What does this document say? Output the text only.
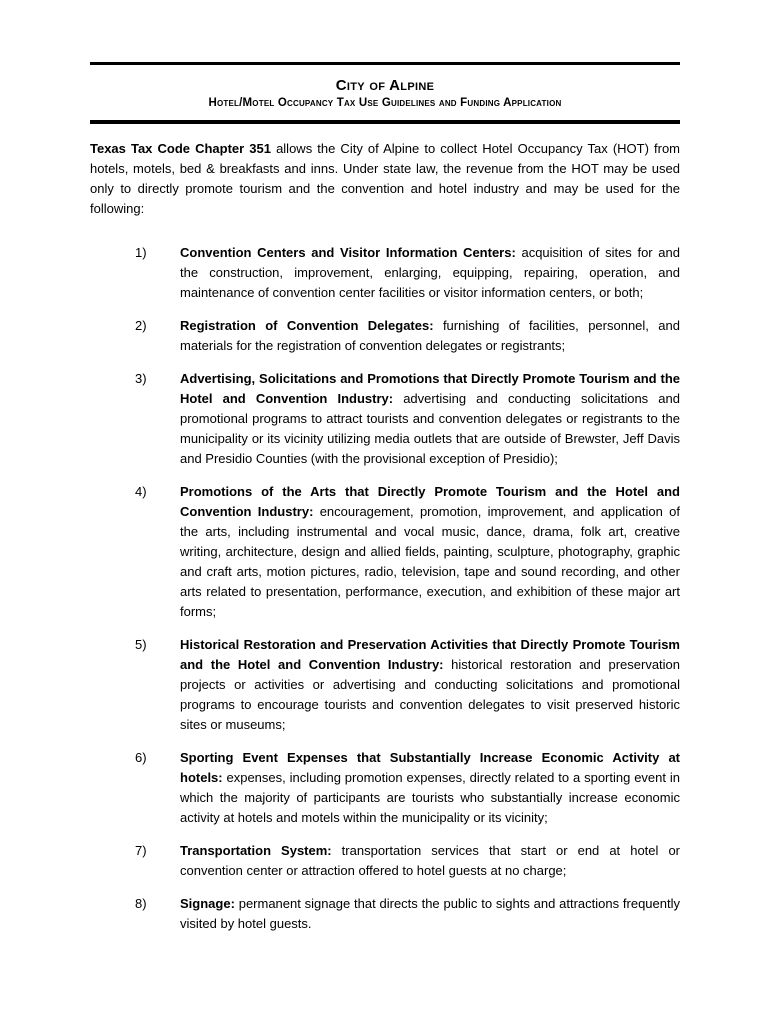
City of Alpine
Hotel/Motel Occupancy Tax Use Guidelines and Funding Application

Texas Tax Code Chapter 351 allows the City of Alpine to collect Hotel Occupancy Tax (HOT) from hotels, motels, bed & breakfasts and inns. Under state law, the revenue from the HOT may be used only to directly promote tourism and the convention and hotel industry and may be used for the following:

1)	Convention Centers and Visitor Information Centers: acquisition of sites for and the construction, improvement, enlarging, equipping, repairing, operation, and maintenance of convention center facilities or visitor information centers, or both;
2)	Registration of Convention Delegates: furnishing of facilities, personnel, and materials for the registration of convention delegates or registrants;
3)	Advertising, Solicitations and Promotions that Directly Promote Tourism and the Hotel and Convention Industry: advertising and conducting solicitations and promotional programs to attract tourists and convention delegates or registrants to the municipality or its vicinity utilizing media outlets that are outside of Brewster, Jeff Davis and Presidio Counties (with the provisional exception of Presidio);
4)	Promotions of the Arts that Directly Promote Tourism and the Hotel and Convention Industry: encouragement, promotion, improvement, and application of the arts, including instrumental and vocal music, dance, drama, folk art, creative writing, architecture, design and allied fields, painting, sculpture, photography, graphic and craft arts, motion pictures, radio, television, tape and sound recording, and other arts related to presentation, performance, execution, and exhibition of these major art forms;
5)	Historical Restoration and Preservation Activities that Directly Promote Tourism and the Hotel and Convention Industry: historical restoration and preservation projects or activities or advertising and conducting solicitations and promotional programs to encourage tourists and convention delegates to visit preserved historic sites or museums;
6)	Sporting Event Expenses that Substantially Increase Economic Activity at hotels: expenses, including promotion expenses, directly related to a sporting event in which the majority of participants are tourists who substantially increase economic activity at hotels and motels within the municipality or its vicinity;
7)	Transportation System: transportation services that start or end at hotel or convention center or attraction offered to hotel guests at no charge;
8)	Signage: permanent signage that directs the public to sights and attractions frequently visited by hotel guests.
